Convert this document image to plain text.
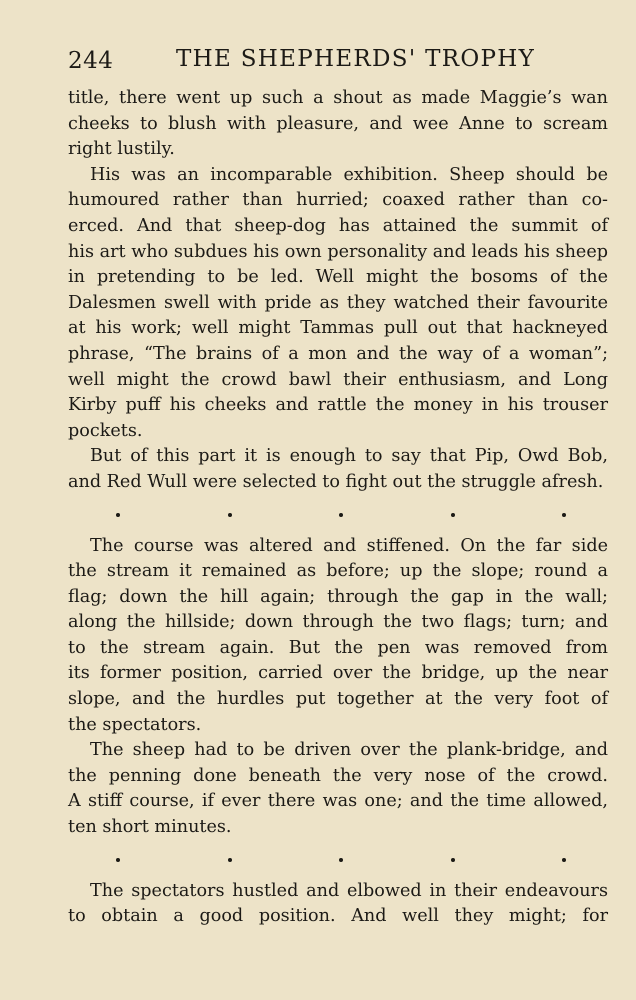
244	THE SHEPHERDS' TROPHY

title, there went up such a shout as made Maggie’s wan
cheeks to blush with pleasure, and wee Anne to scream
right lustily.

His was an incomparable exhibition. Sheep should be
humoured rather than hurried; coaxed rather than co-
erced. And that sheep-dog has attained the summit of
his art who subdues his own personality and leads his sheep
in pretending to be led. Well might the bosoms of the
Dalesmen swell with pride as they watched their favourite
at his work; well might Tammas pull out that hackneyed
phrase, “The brains of a mon and the way of a woman”;
well might the crowd bawl their enthusiasm, and Long
Kirby puff his cheeks and rattle the money in his trouser
pockets.

But of this part it is enough to say that Pip, Owd Bob,
and Red Wull were selected to fight out the struggle afresh.

The course was altered and stiffened. On the far side
the stream it remained as before; up the slope; round a
flag; down the hill again; through the gap in the wall;
along the hillside; down through the two flags; turn; and
to the stream again. But the pen was removed from
its former position, carried over the bridge, up the near
slope, and the hurdles put together at the very foot of
the spectators.

The sheep had to be driven over the plank-bridge, and
the penning done beneath the very nose of the crowd.
A stiff course, if ever there was one; and the time allowed,
ten short minutes.

The spectators hustled and elbowed in their endeavours
to obtain a good position. And well they might; for
